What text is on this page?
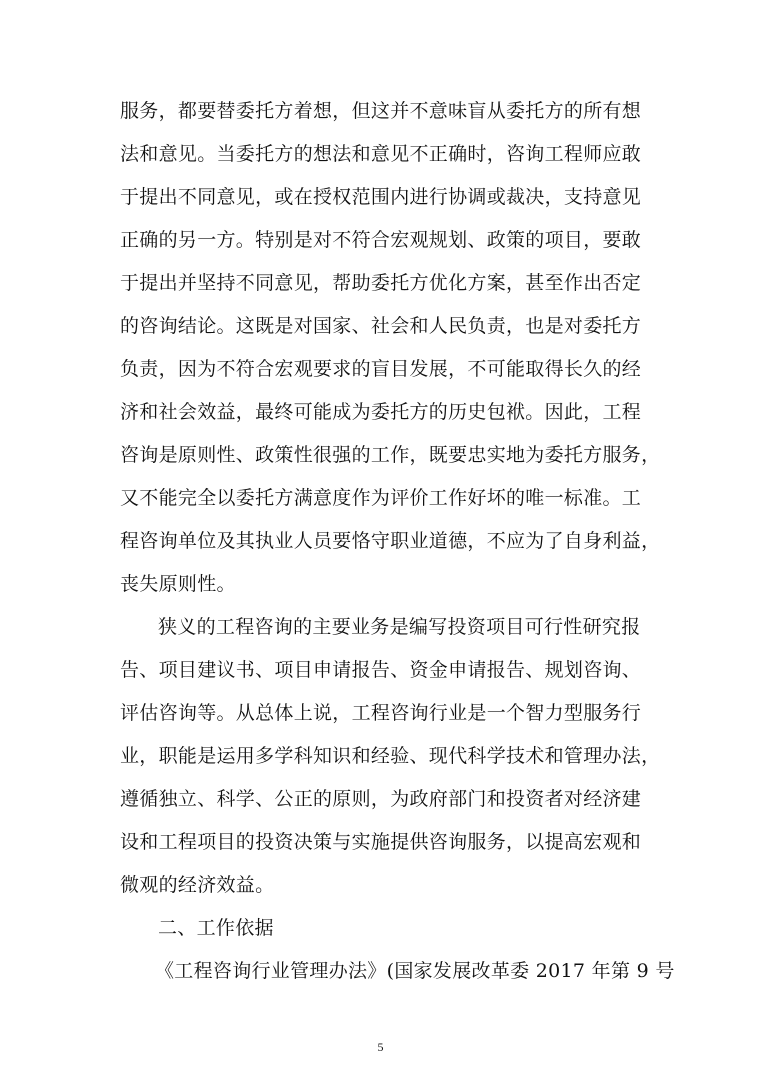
服务，都要替委托方着想，但这并不意味盲从委托方的所有想
法和意见。当委托方的想法和意见不正确时，咨询工程师应敢
于提出不同意见，或在授权范围内进行协调或裁决，支持意见
正确的另一方。特别是对不符合宏观规划、政策的项目，要敢
于提出并坚持不同意见，帮助委托方优化方案，甚至作出否定
的咨询结论。这既是对国家、社会和人民负责，也是对委托方
负责，因为不符合宏观要求的盲目发展，不可能取得长久的经
济和社会效益，最终可能成为委托方的历史包袱。因此，工程
咨询是原则性、政策性很强的工作，既要忠实地为委托方服务，
又不能完全以委托方满意度作为评价工作好坏的唯一标准。工
程咨询单位及其执业人员要恪守职业道德，不应为了自身利益，
丧失原则性。
狭义的工程咨询的主要业务是编写投资项目可行性研究报
告、项目建议书、项目申请报告、资金申请报告、规划咨询、
评估咨询等。从总体上说，工程咨询行业是一个智力型服务行
业，职能是运用多学科知识和经验、现代科学技术和管理办法，
遵循独立、科学、公正的原则，为政府部门和投资者对经济建
设和工程项目的投资决策与实施提供咨询服务，以提高宏观和
微观的经济效益。
二、工作依据
《工程咨询行业管理办法》(国家发展改革委 2017 年第 9 号
5
